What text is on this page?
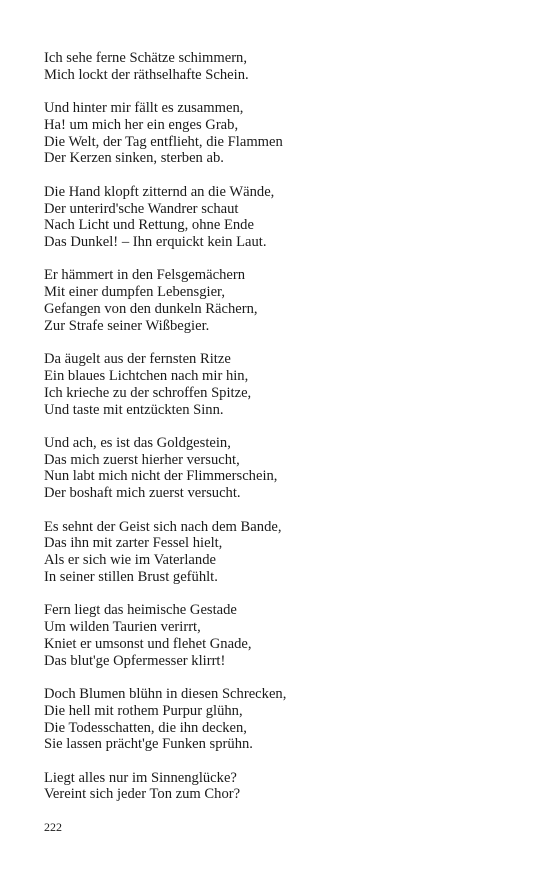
Ich sehe ferne Schätze schimmern,
Mich lockt der räthselhafte Schein.
Und hinter mir fällt es zusammen,
Ha! um mich her ein enges Grab,
Die Welt, der Tag entflieht, die Flammen
Der Kerzen sinken, sterben ab.
Die Hand klopft zitternd an die Wände,
Der unterird'sche Wandrer schaut
Nach Licht und Rettung, ohne Ende
Das Dunkel! – Ihn erquickt kein Laut.
Er hämmert in den Felsgemächern
Mit einer dumpfen Lebensgier,
Gefangen von den dunkeln Rächern,
Zur Strafe seiner Wißbegier.
Da äugelt aus der fernsten Ritze
Ein blaues Lichtchen nach mir hin,
Ich krieche zu der schroffen Spitze,
Und taste mit entzückten Sinn.
Und ach, es ist das Goldgestein,
Das mich zuerst hierher versucht,
Nun labt mich nicht der Flimmerschein,
Der boshaft mich zuerst versucht.
Es sehnt der Geist sich nach dem Bande,
Das ihn mit zarter Fessel hielt,
Als er sich wie im Vaterlande
In seiner stillen Brust gefühlt.
Fern liegt das heimische Gestade
Um wilden Taurien verirrt,
Kniet er umsonst und flehet Gnade,
Das blut'ge Opfermesser klirrt!
Doch Blumen blühn in diesen Schrecken,
Die hell mit rothem Purpur glühn,
Die Todesschatten, die ihn decken,
Sie lassen prächt'ge Funken sprühn.
Liegt alles nur im Sinnenglücke?
Vereint sich jeder Ton zum Chor?
222
